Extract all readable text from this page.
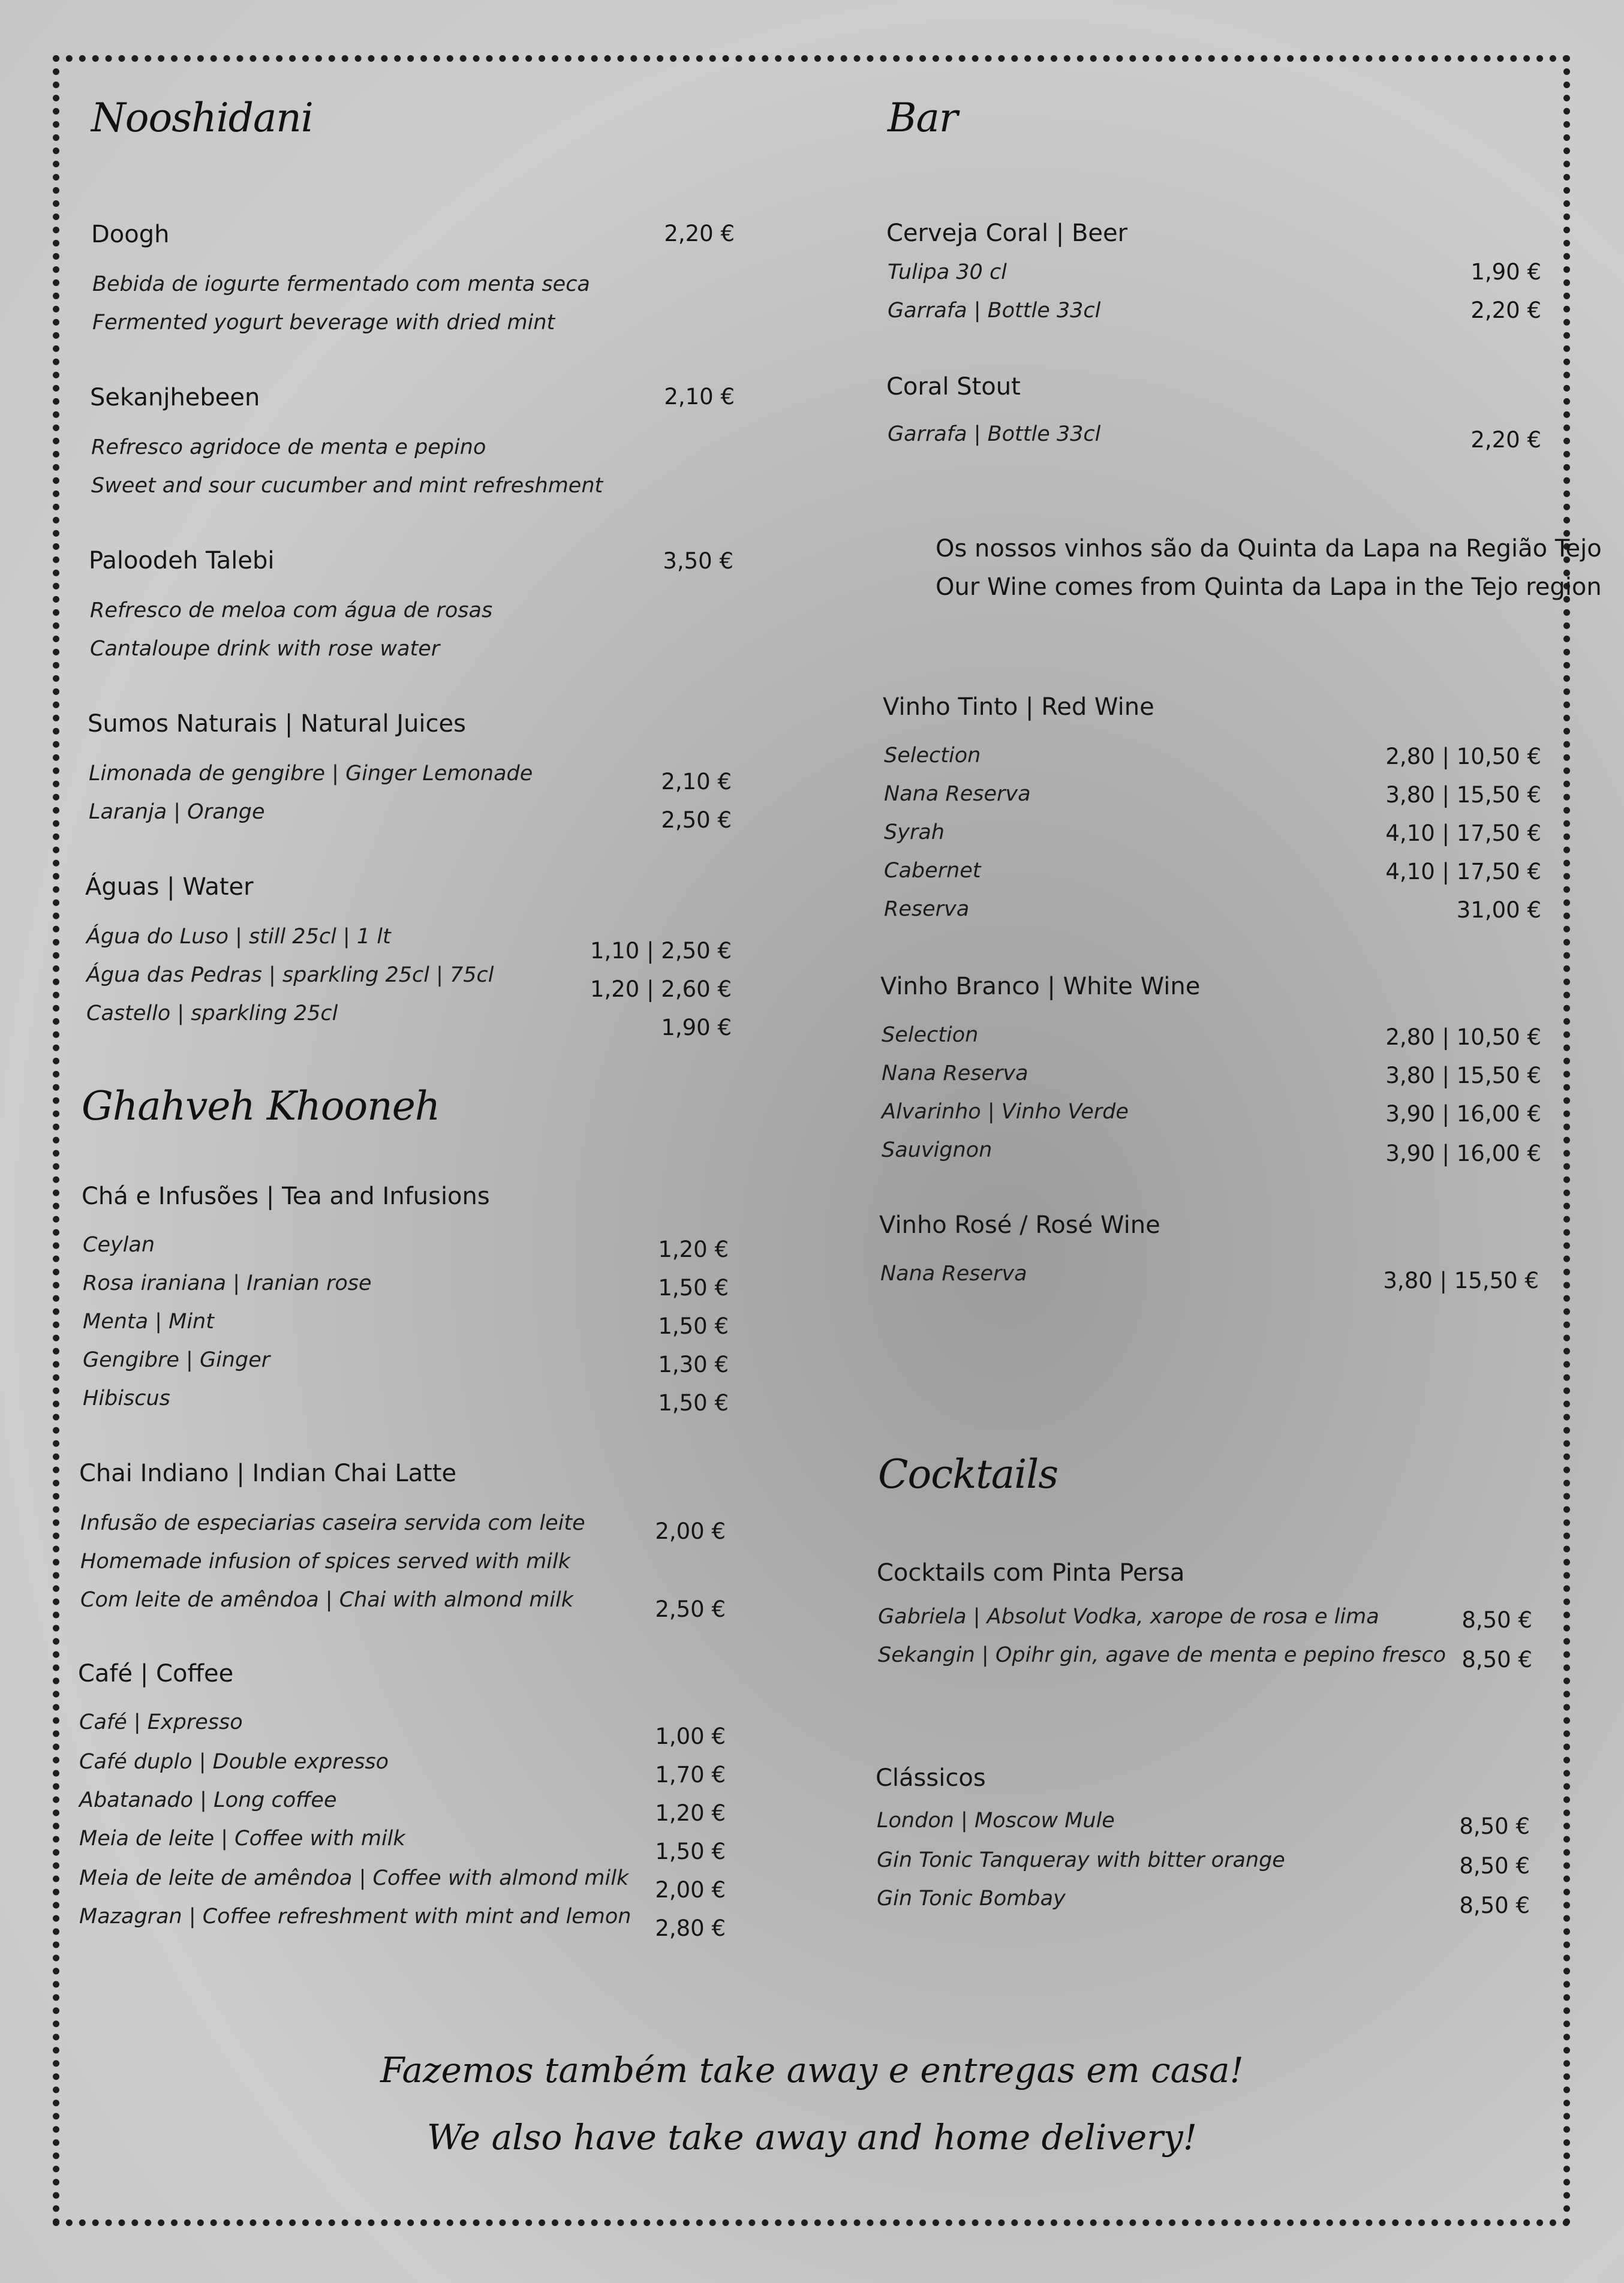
Nooshidani
Doogh	2,20 €
Bebida de iogurte fermentado com menta seca
Fermented yogurt beverage with dried mint
Sekanjhebeen	2,10 €
Refresco agridoce de menta e pepino
Sweet and sour cucumber and mint refreshment
Paloodeh Talebi	3,50 €
Refresco de meloa com água de rosas
Cantaloupe drink with rose water
Sumos Naturais | Natural Juices
Limonada de gengibre | Ginger Lemonade	2,10 €
Laranja | Orange	2,50 €
Águas | Water
Água do Luso | still 25cl | 1 lt
1,10 | 2,50 €
Água das Pedras | sparkling 25cl | 75cl
1,20 | 2,60 €
Castello | sparkling 25cl
1,90 €
Ghahveh Khooneh
Chá e Infusões | Tea and Infusions
Ceylan	1,20 €
Rosa iraniana | Iranian rose	1,50 €
Menta | Mint	1,50 €
Gengibre | Ginger	1,30 €
Hibiscus	1,50 €
Chai Indiano | Indian Chai Latte
Infusão de especiarias caseira servida com leite	2,00 €
Homemade infusion of spices served with milk
Com leite de amêndoa | Chai with almond milk	2,50 €
Café | Coffee
Café | Expresso
1,00 €
Café duplo | Double expresso	1,70 €
Abatanado | Long coffee	1,20 €
Meia de leite | Coffee with milk	1,50 €
Meia de leite de amêndoa | Coffee with almond milk	2,00 €
Mazagran | Coffee refreshment with mint and lemon	2,80 €
Bar
Cerveja Coral | Beer
Tulipa 30 cl	1,90 €
Garrafa | Bottle 33cl	2,20 €
Coral Stout
Garrafa | Bottle 33cl	2,20 €
Os nossos vinhos são da Quinta da Lapa na Região Tejo
Our Wine comes from Quinta da Lapa in the Tejo region
Vinho Tinto | Red Wine
Selection	2,80 | 10,50 €
Nana Reserva	3,80 | 15,50 €
Syrah	4,10 | 17,50 €
Cabernet	4,10 | 17,50 €
Reserva	31,00 €
Vinho Branco | White Wine
Selection	2,80 | 10,50 €
Nana Reserva	3,80 | 15,50 €
Alvarinho | Vinho Verde	3,90 | 16,00 €
Sauvignon	3,90 | 16,00 €
Vinho Rosé / Rosé Wine
Nana Reserva	3,80 | 15,50 €
Cocktails
Cocktails com Pinta Persa
Gabriela | Absolut Vodka, xarope de rosa e lima	8,50 €
Sekangin | Opihr gin, agave de menta e pepino fresco 8,50 €
Clássicos
London | Moscow Mule	8,50 €
Gin Tonic Tanqueray with bitter orange	8,50 €
Gin Tonic Bombay	8,50 €
Fazemos também take away e entregas em casa!
We also have take away and home delivery!
